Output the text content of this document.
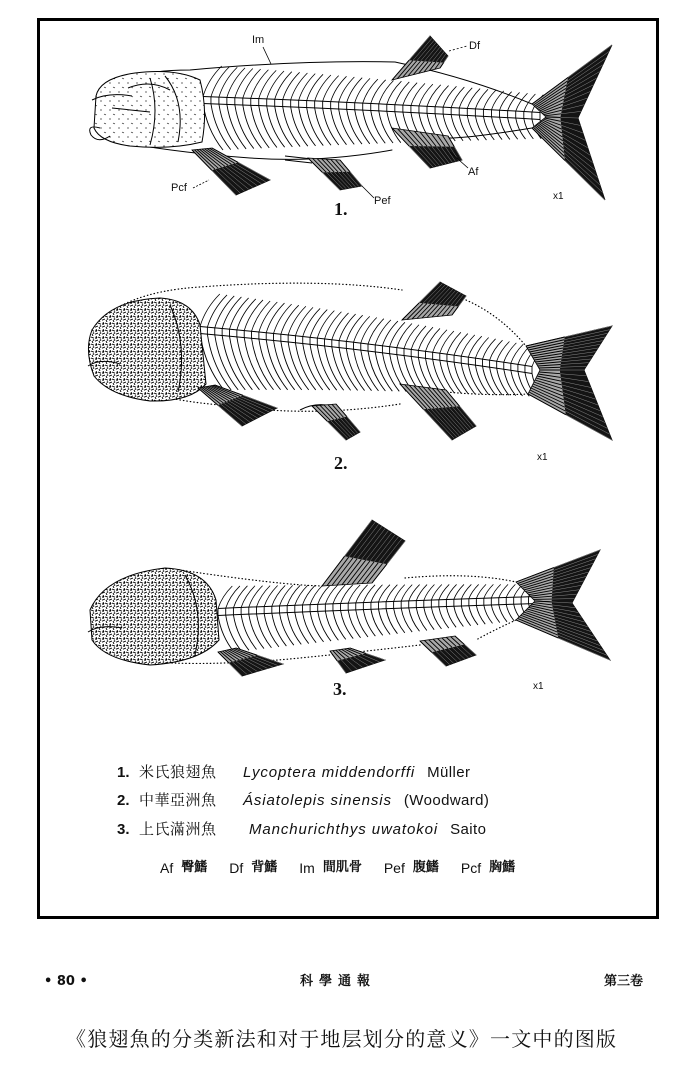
Im	Df
Pcf
Pef
Af
x1
1.
2.	x1
3.	x1
1. 米氏狼翅魚	Lycoptera middendorffi Müller
2. 中華亞洲魚	Ásiatolepis sinensis (Woodward)
3. 上氏滿洲魚	Manchurichthys uwatokoi Saito
Af 臀鰭 Df 背鰭 Im 間肌骨 Pef 腹鰭 Pcf 胸鰭
• 80 •	科學通報	第三卷
《狼翅魚的分类新法和对于地层划分的意义》一文中的图版
